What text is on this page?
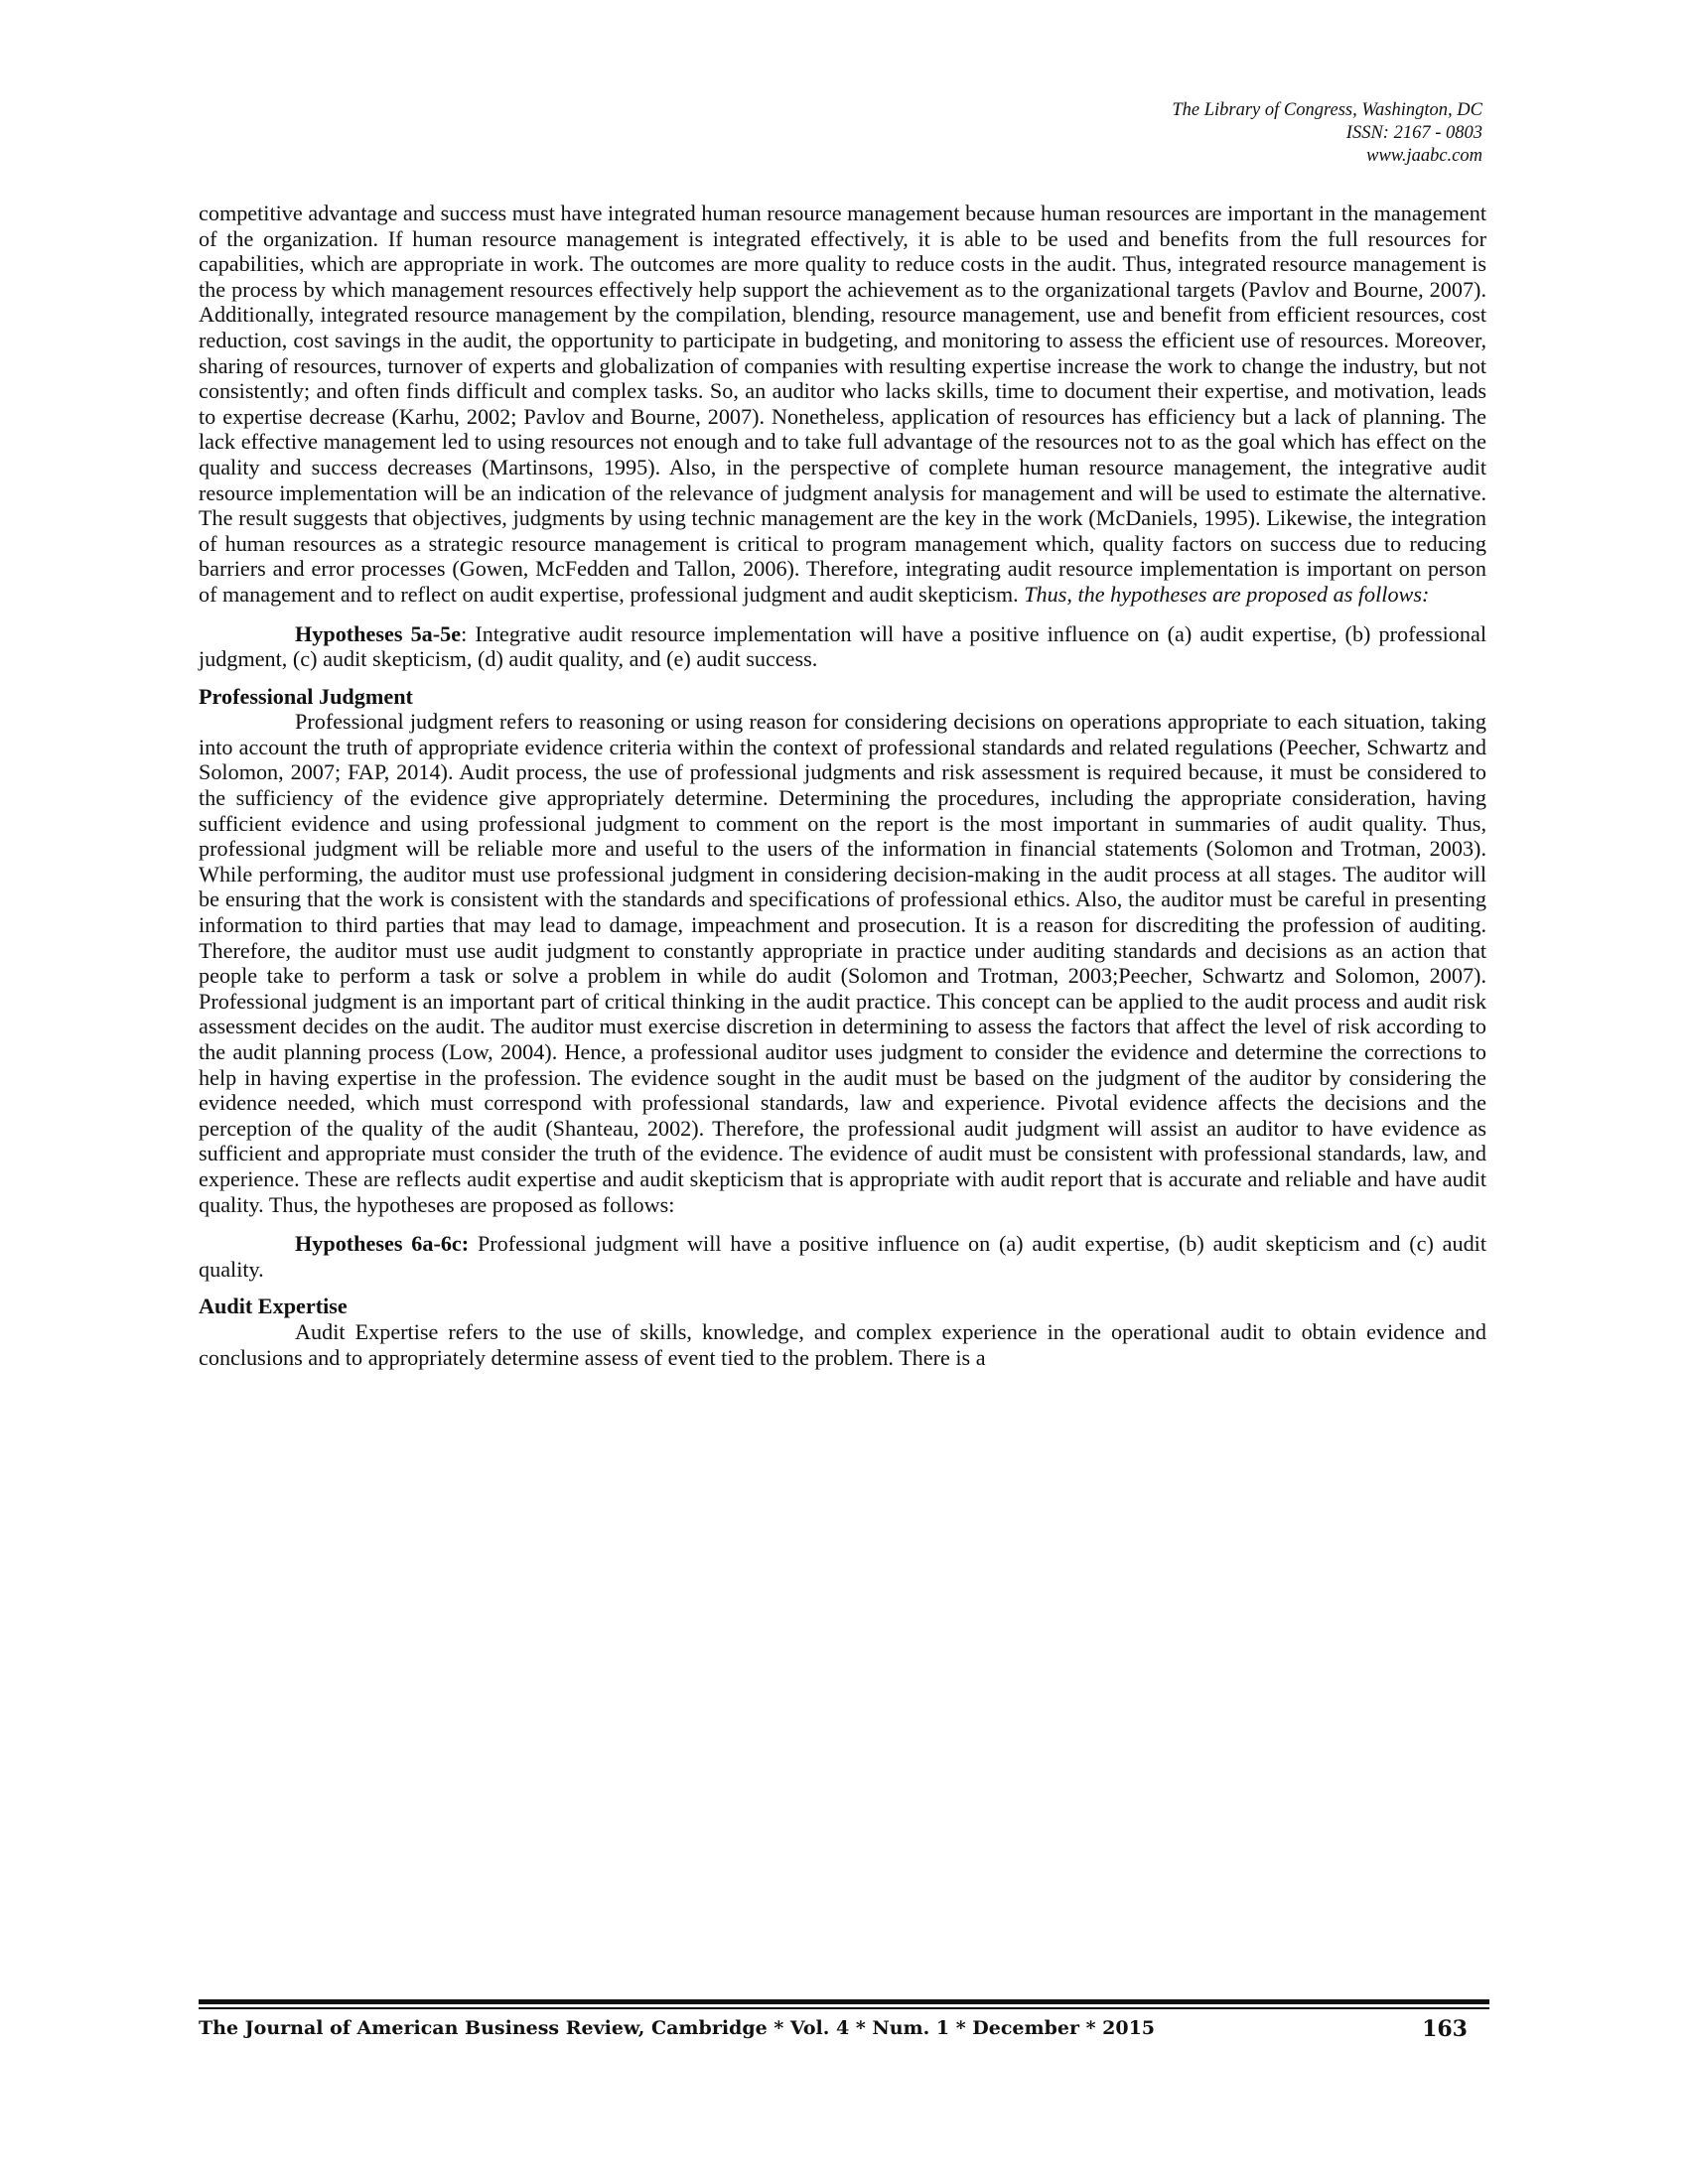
The Library of Congress, Washington, DC
ISSN: 2167 - 0803
www.jaabc.com

competitive advantage and success must have integrated human resource management because human resources are important in the management of the organization. If human resource management is integrated effectively, it is able to be used and benefits from the full resources for capabilities, which are appropriate in work. The outcomes are more quality to reduce costs in the audit. Thus, integrated resource management is the process by which management resources effectively help support the achievement as to the organizational targets (Pavlov and Bourne, 2007). Additionally, integrated resource management by the compilation, blending, resource management, use and benefit from efficient resources, cost reduction, cost savings in the audit, the opportunity to participate in budgeting, and monitoring to assess the efficient use of resources. Moreover, sharing of resources, turnover of experts and globalization of companies with resulting expertise increase the work to change the industry, but not consistently; and often finds difficult and complex tasks. So, an auditor who lacks skills, time to document their expertise, and motivation, leads to expertise decrease (Karhu, 2002; Pavlov and Bourne, 2007). Nonetheless, application of resources has efficiency but a lack of planning. The lack effective management led to using resources not enough and to take full advantage of the resources not to as the goal which has effect on the quality and success decreases (Martinsons, 1995). Also, in the perspective of complete human resource management, the integrative audit resource implementation will be an indication of the relevance of judgment analysis for management and will be used to estimate the alternative. The result suggests that objectives, judgments by using technic management are the key in the work (McDaniels, 1995). Likewise, the integration of human resources as a strategic resource management is critical to program management which, quality factors on success due to reducing barriers and error processes (Gowen, McFedden and Tallon, 2006). Therefore, integrating audit resource implementation is important on person of management and to reflect on audit expertise, professional judgment and audit skepticism. Thus, the hypotheses are proposed as follows:

Hypotheses 5a-5e: Integrative audit resource implementation will have a positive influence on (a) audit expertise, (b) professional judgment, (c) audit skepticism, (d) audit quality, and (e) audit success.

Professional Judgment

Professional judgment refers to reasoning or using reason for considering decisions on operations appropriate to each situation, taking into account the truth of appropriate evidence criteria within the context of professional standards and related regulations (Peecher, Schwartz and Solomon, 2007; FAP, 2014). Audit process, the use of professional judgments and risk assessment is required because, it must be considered to the sufficiency of the evidence give appropriately determine. Determining the procedures, including the appropriate consideration, having sufficient evidence and using professional judgment to comment on the report is the most important in summaries of audit quality. Thus, professional judgment will be reliable more and useful to the users of the information in financial statements (Solomon and Trotman, 2003). While performing, the auditor must use professional judgment in considering decision-making in the audit process at all stages. The auditor will be ensuring that the work is consistent with the standards and specifications of professional ethics. Also, the auditor must be careful in presenting information to third parties that may lead to damage, impeachment and prosecution. It is a reason for discrediting the profession of auditing. Therefore, the auditor must use audit judgment to constantly appropriate in practice under auditing standards and decisions as an action that people take to perform a task or solve a problem in while do audit (Solomon and Trotman, 2003;Peecher, Schwartz and Solomon, 2007). Professional judgment is an important part of critical thinking in the audit practice. This concept can be applied to the audit process and audit risk assessment decides on the audit. The auditor must exercise discretion in determining to assess the factors that affect the level of risk according to the audit planning process (Low, 2004). Hence, a professional auditor uses judgment to consider the evidence and determine the corrections to help in having expertise in the profession. The evidence sought in the audit must be based on the judgment of the auditor by considering the evidence needed, which must correspond with professional standards, law and experience. Pivotal evidence affects the decisions and the perception of the quality of the audit (Shanteau, 2002). Therefore, the professional audit judgment will assist an auditor to have evidence as sufficient and appropriate must consider the truth of the evidence. The evidence of audit must be consistent with professional standards, law, and experience. These are reflects audit expertise and audit skepticism that is appropriate with audit report that is accurate and reliable and have audit quality. Thus, the hypotheses are proposed as follows:

Hypotheses 6a-6c: Professional judgment will have a positive influence on (a) audit expertise, (b) audit skepticism and (c) audit quality.

Audit Expertise

Audit Expertise refers to the use of skills, knowledge, and complex experience in the operational audit to obtain evidence and conclusions and to appropriately determine assess of event tied to the problem. There is a

The Journal of American Business Review, Cambridge * Vol. 4 * Num. 1 * December * 2015	163
